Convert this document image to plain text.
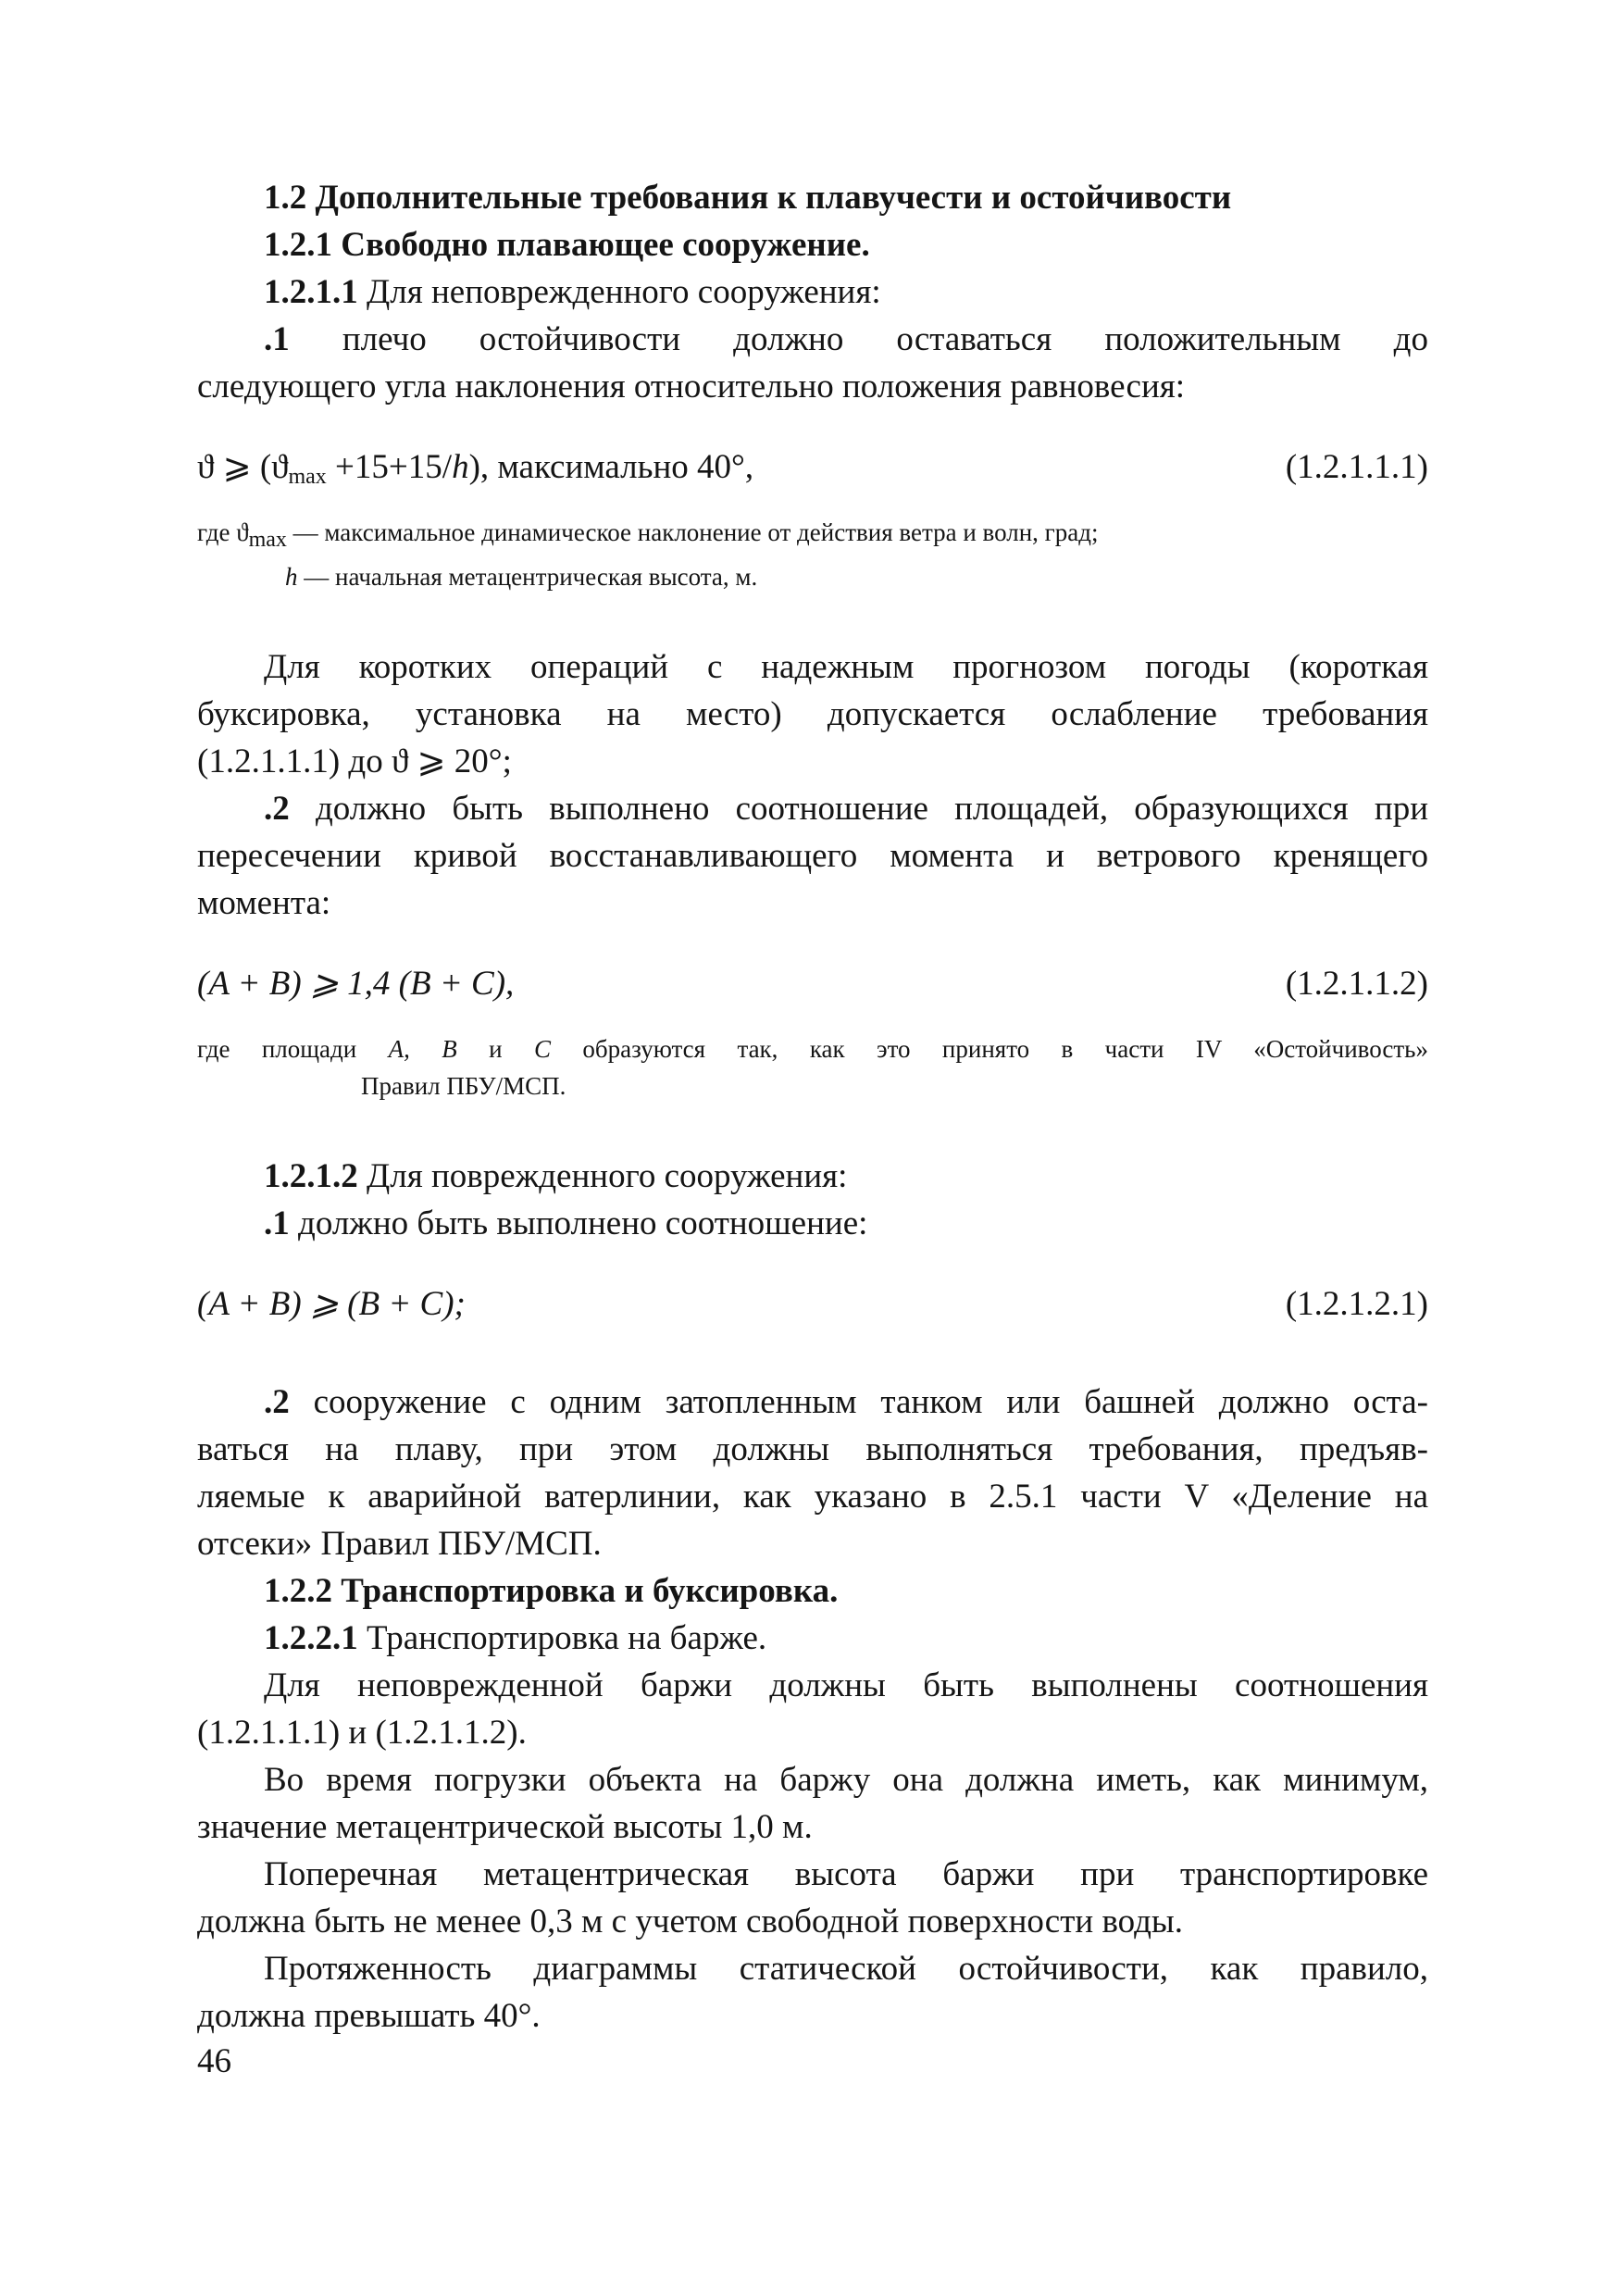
1.2 Дополнительные требования к плавучести и остойчивости
1.2.1 Свободно плавающее сооружение.
1.2.1.1 Для неповрежденного сооружения:
.1 плечо остойчивости должно оставаться положительным до
следующего угла наклонения относительно положения равновесия:
ϑ ⩾ $(ϑ_{max} +15+15/h)$, максимально 40°,	(1.2.1.1.1)
где ϑmax — максимальное динамическое наклонение от действия ветра и волн, град;
h — начальная метацентрическая высота, м.
Для коротких операций с надежным прогнозом погоды (короткая
буксировка, установка на место) допускается ослабление требования
(1.2.1.1.1) до ϑ ⩾ 20°;
.2 должно быть выполнено соотношение площадей, образующихся при
пересечении кривой восстанавливающего момента и ветрового кренящего
момента:
(A + B) ⩾ 1,4 (B + C),	(1.2.1.1.2)
где площади A, B и C образуются так, как это принято в части IV «Остойчивость»
Правил ПБУ/МСП.
1.2.1.2 Для поврежденного сооружения:
.1 должно быть выполнено соотношение:
(A + B) ⩾ (B + C);	(1.2.1.2.1)
.2 сооружение с одним затопленным танком или башней должно оста-
ваться на плаву, при этом должны выполняться требования, предъяв-
ляемые к аварийной ватерлинии, как указано в 2.5.1 части V «Деление на
отсеки» Правил ПБУ/МСП.
1.2.2 Транспортировка и буксировка.
1.2.2.1 Транспортировка на барже.
Для неповрежденной баржи должны быть выполнены соотношения
(1.2.1.1.1) и (1.2.1.1.2).
Во время погрузки объекта на баржу она должна иметь, как минимум,
значение метацентрической высоты 1,0 м.
Поперечная метацентрическая высота баржи при транспортировке
должна быть не менее 0,3 м с учетом свободной поверхности воды.
Протяженность диаграммы статической остойчивости, как правило,
должна превышать 40°.
46
